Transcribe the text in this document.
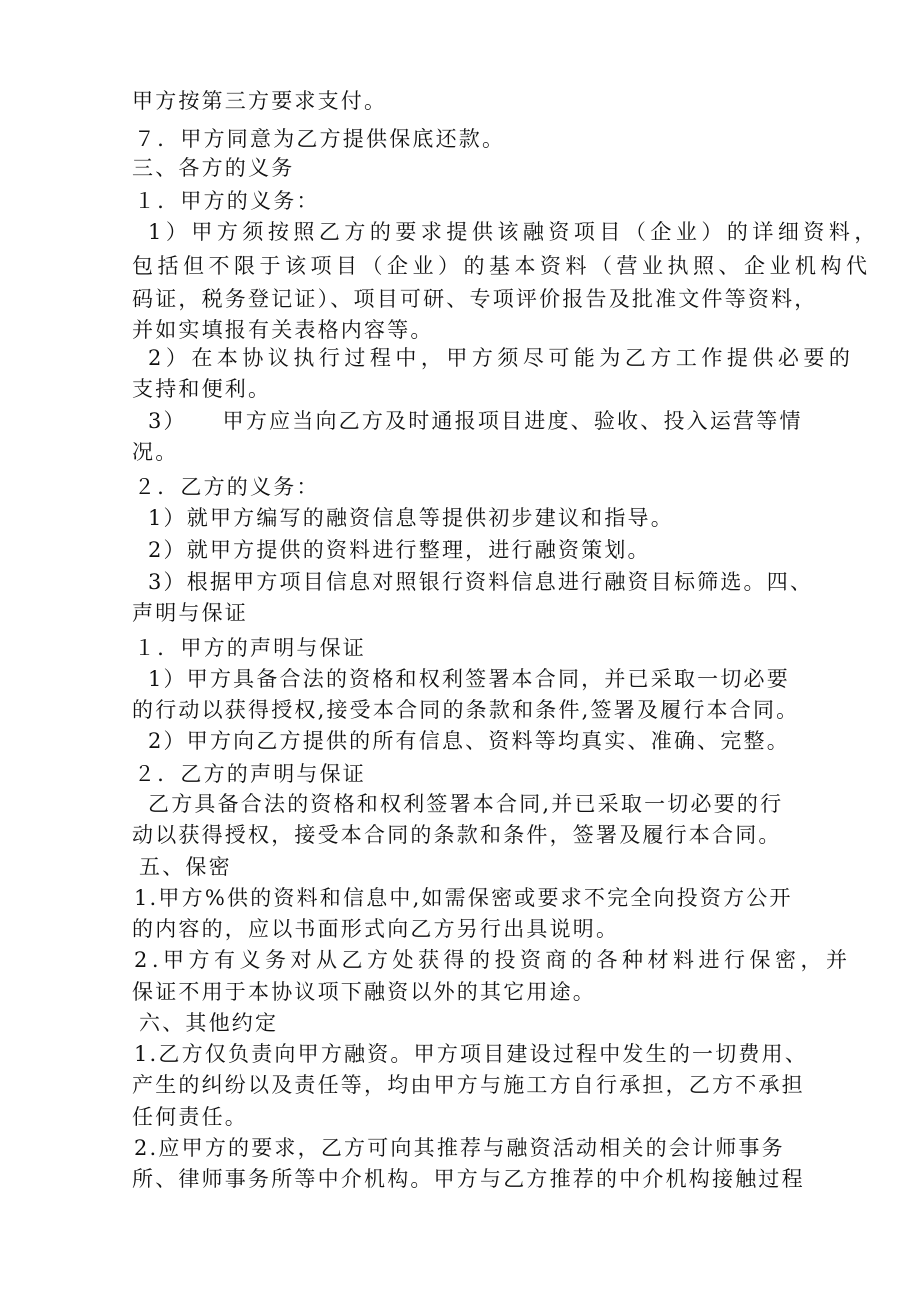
甲方按第三方要求支付。
７．甲方同意为乙方提供保底还款。
三、各方的义务
１．甲方的义务：
1）甲方须按照乙方的要求提供该融资项目（企业）的详细资料，
包括但不限于该项目（企业）的基本资料（营业执照、企业机构代
码证，税务登记证）、项目可研、专项评价报告及批准文件等资料，
并如实填报有关表格内容等。
2）在本协议执行过程中，甲方须尽可能为乙方工作提供必要的
支持和便利。
3）　　甲方应当向乙方及时通报项目进度、验收、投入运营等情
况。
２．乙方的义务：
1）就甲方编写的融资信息等提供初步建议和指导。
2）就甲方提供的资料进行整理，进行融资策划。
3）根据甲方项目信息对照银行资料信息进行融资目标筛选。四、
声明与保证
１．甲方的声明与保证
1）甲方具备合法的资格和权利签署本合同，并已采取一切必要
的行动以获得授权,接受本合同的条款和条件,签署及履行本合同。
2）甲方向乙方提供的所有信息、资料等均真实、准确、完整。
２．乙方的声明与保证
乙方具备合法的资格和权利签署本合同,并已采取一切必要的行
动以获得授权，接受本合同的条款和条件，签署及履行本合同。
五、保密
1.甲方%供的资料和信息中,如需保密或要求不完全向投资方公开
的内容的，应以书面形式向乙方另行出具说明。
2.甲方有义务对从乙方处获得的投资商的各种材料进行保密，并
保证不用于本协议项下融资以外的其它用途。
六、其他约定
1.乙方仅负责向甲方融资。甲方项目建设过程中发生的一切费用、
产生的纠纷以及责任等，均由甲方与施工方自行承担，乙方不承担
任何责任。
2.应甲方的要求，乙方可向其推荐与融资活动相关的会计师事务
所、律师事务所等中介机构。甲方与乙方推荐的中介机构接触过程
